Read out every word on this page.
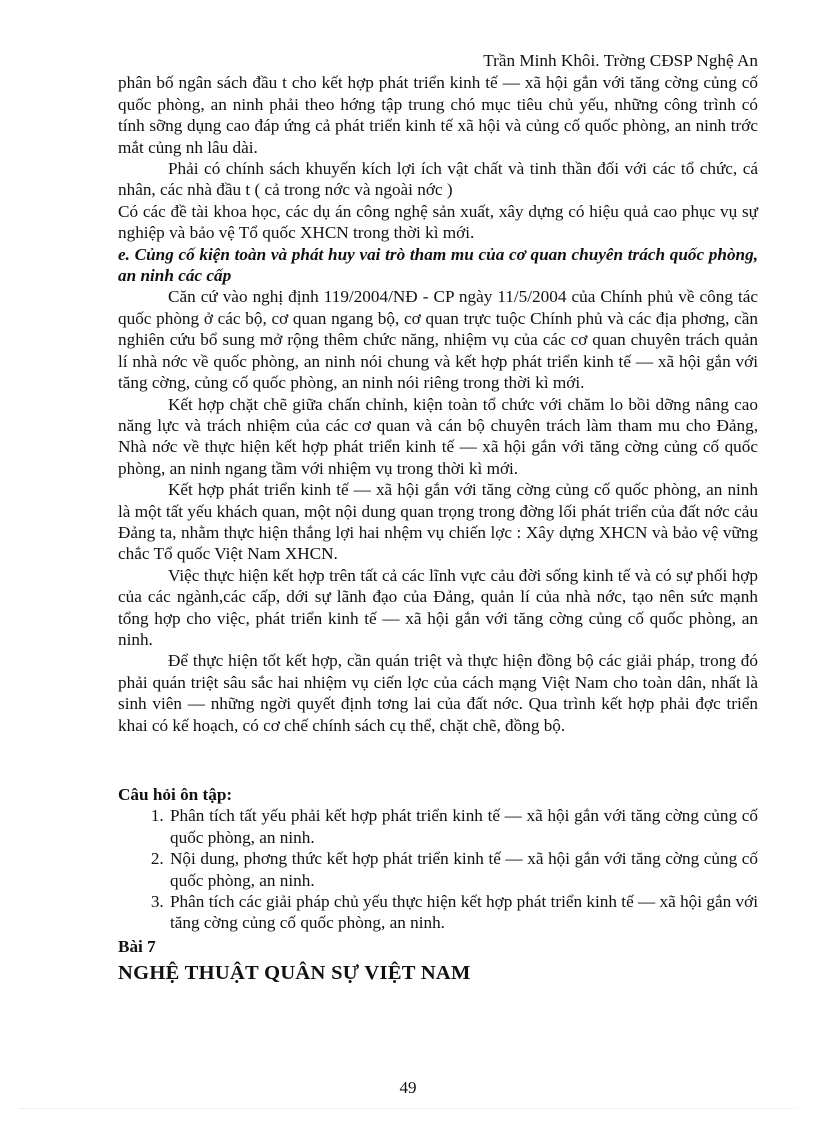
Trần Minh Khôi. Trờng CĐSP Nghệ An

phân bố ngân sách đầu t cho kết hợp phát triển kinh tế — xã hội gắn với tăng cờng củng cố quốc phòng, an ninh phải theo hớng tập trung chó mục tiêu chủ yếu, những công trình có tính sỡng dụng cao đáp ứng cả phát triển kinh tế xã hội và củng cố quốc phòng, an ninh trớc mắt củng nh lâu dài.

Phải có chính sách khuyến kích lợi ích vật chất và tinh thần đối với các tổ chức, cá nhân, các nhà đầu t ( cả trong nớc và ngoài nớc )

Có các đề tài khoa học, các dụ án công nghệ sản xuất, xây dựng có hiệu quả cao phục vụ sự nghiệp và bảo vệ Tổ quốc XHCN trong thời kì mới.

e. Củng cố kiện toàn và phát huy vai trò tham mu của cơ quan chuyên trách quốc phòng, an ninh các cấp

Căn cứ vào nghị định 119/2004/NĐ - CP ngày 11/5/2004 của Chính phủ về công tác quốc phòng ở các bộ, cơ quan ngang bộ, cơ quan trực tuộc Chính phủ và các địa phơng, cần nghiên cứu bổ sung mở rộng thêm chức năng, nhiệm vụ của các cơ quan chuyên trách quản lí nhà nớc về quốc phòng, an ninh nói chung và kết hợp phát triển kinh tế — xã hội gắn với tăng cờng, củng cố quốc phòng, an ninh nói riêng trong thời kì mới.

Kết hợp chặt chẽ giữa chấn chỉnh, kiện toàn tổ chức với chăm lo bồi dỡng nâng cao năng lực và trách nhiệm của các cơ quan và cán bộ chuyên trách làm tham mu cho Đảng, Nhà nớc về thực hiện kết hợp phát triển kinh tế — xã hội gắn với tăng cờng củng cố quốc phòng, an ninh ngang tầm với nhiệm vụ trong thời kì mới.

Kết hợp phát triển kinh tế — xã hội gắn với tăng cờng củng cố quốc phòng, an ninh là một tất yếu khách quan, một nội dung quan trọng trong đờng lối phát triển của đất nớc cảu Đảng ta, nhằm thực hiện thắng lợi hai nhệm vụ chiến lợc : Xây dựng XHCN và bảo vệ vững chắc Tổ quốc Việt Nam XHCN.

Việc thực hiện kết hợp trên tất cả các lĩnh vực cảu đời sống kinh tế và có sự phối hợp của các ngành,các cấp, dới sự lãnh đạo của Đảng, quản lí của nhà nớc, tạo nên sức mạnh tổng hợp cho việc, phát triển kinh tế — xã hội gắn với tăng cờng củng cố quốc phòng, an ninh.

Để thực hiện tốt kết hợp, cần quán triệt và thực hiện đồng bộ các giải pháp, trong đó phải quán triệt sâu sắc hai nhiệm vụ ciến lợc của cách mạng Việt Nam cho toàn dân, nhất là sinh viên — những ngời quyết định tơng lai của đất nớc. Qua trình kết hợp phải đợc triển khai có kế hoạch, có cơ chế chính sách cụ thể, chặt chẽ, đồng bộ.

Câu hỏi ôn tập:

1. Phân tích tất yếu phải kết hợp phát triển kinh tế — xã hội gắn với tăng cờng củng cố quốc phòng, an ninh.
2. Nội dung, phơng thức kết hợp phát triển kinh tế — xã hội gắn với tăng cờng củng cố quốc phòng, an ninh.
3. Phân tích các giải pháp chủ yếu thực hiện kết hợp phát triển kinh tế — xã hội gắn với tăng cờng củng cố quốc phòng, an ninh.

Bài 7

NGHỆ THUẬT QUÂN SỰ VIỆT NAM

49
